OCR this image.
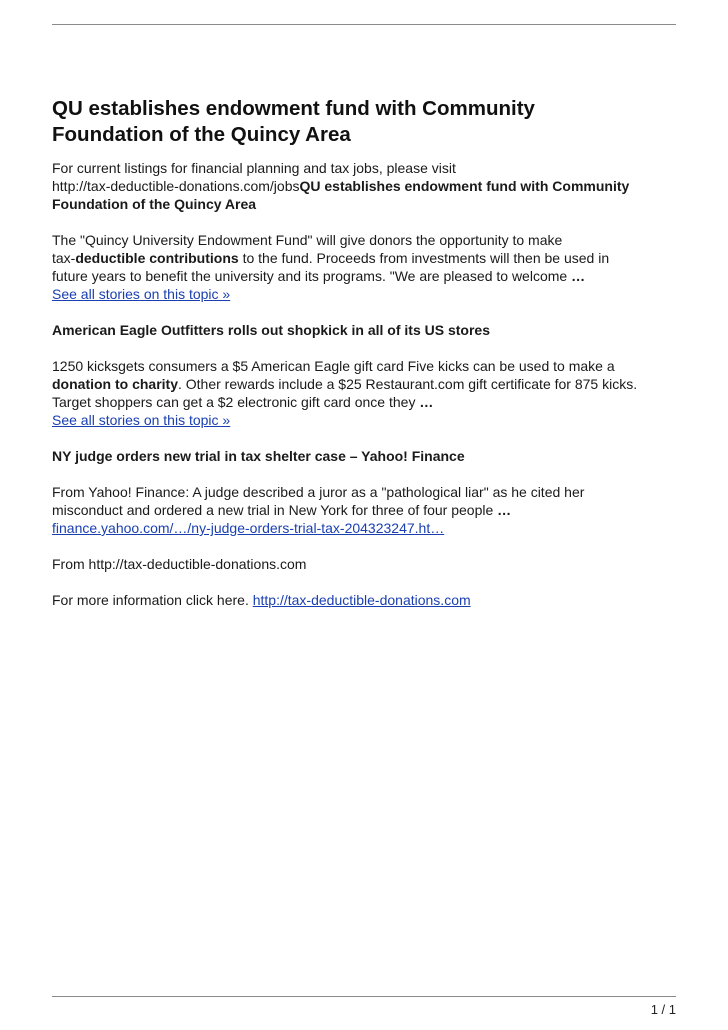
QU establishes endowment fund with Community
Foundation of the Quincy Area

For current listings for financial planning and tax jobs, please visit
http://tax-deductible-donations.com/jobsQU establishes endowment fund with Community
Foundation of the Quincy Area

The "Quincy University Endowment Fund" will give donors the opportunity to make
tax-deductible contributions to the fund. Proceeds from investments will then be used in
future years to benefit the university and its programs. "We are pleased to welcome …
See all stories on this topic »

American Eagle Outfitters rolls out shopkick in all of its US stores

1250 kicksgets consumers a $5 American Eagle gift card Five kicks can be used to make a
donation to charity. Other rewards include a $25 Restaurant.com gift certificate for 875 kicks.
Target shoppers can get a $2 electronic gift card once they …
See all stories on this topic »

NY judge orders new trial in tax shelter case – Yahoo! Finance

From Yahoo! Finance: A judge described a juror as a "pathological liar" as he cited her
misconduct and ordered a new trial in New York for three of four people …
finance.yahoo.com/…/ny-judge-orders-trial-tax-204323247.ht…

From http://tax-deductible-donations.com

For more information click here. http://tax-deductible-donations.com

1 / 1
